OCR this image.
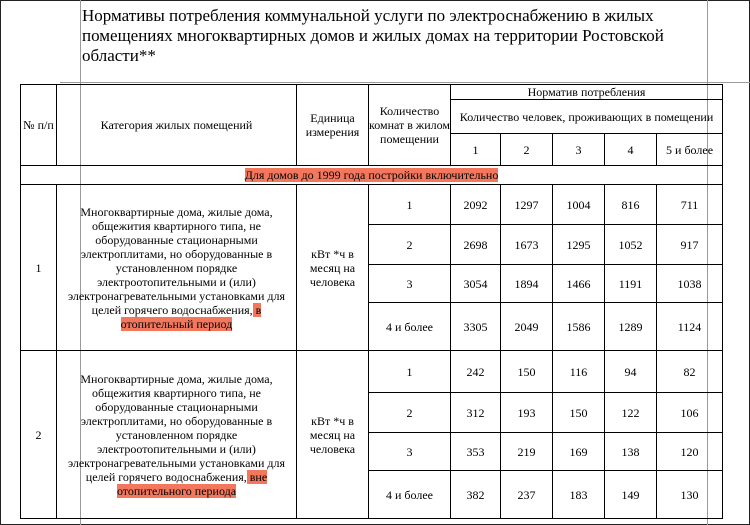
Нормативы потребления коммунальной услуги по электроснабжению в жилых помещениях многоквартирных домов и жилых домах на территории Ростовской области**
№ п/п	Категория жилых помещений	Единица измерения	Количество комнат в жилом помещении	Норматив потребления				
				Количество человек, проживающих в помещении				
				1	2	3	4	5 и более
Для домов до 1999 года постройки включительно								
1	Многоквартирные дома, жилые дома, общежития квартирного типа, не оборудованные стационарными электроплитами, но оборудованные в установленном порядке электроотопительными и (или) электронагревательными установками для целей горячего водоснабжения, в отопительный период	кВт *ч в месяц на человека	1	2092	1297	1004	816	711
			2	2698	1673	1295	1052	917
			3	3054	1894	1466	1191	1038
			4 и более	3305	2049	1586	1289	1124
2	Многоквартирные дома, жилые дома, общежития квартирного типа, не оборудованные стационарными электроплитами, но оборудованные в установленном порядке электроотопительными и (или) электронагревательными установками для целей горячего водоснабжения, вне отопительного периода	кВт *ч в месяц на человека	1	242	150	116	94	82
			2	312	193	150	122	106
			3	353	219	169	138	120
			4 и более	382	237	183	149	130
